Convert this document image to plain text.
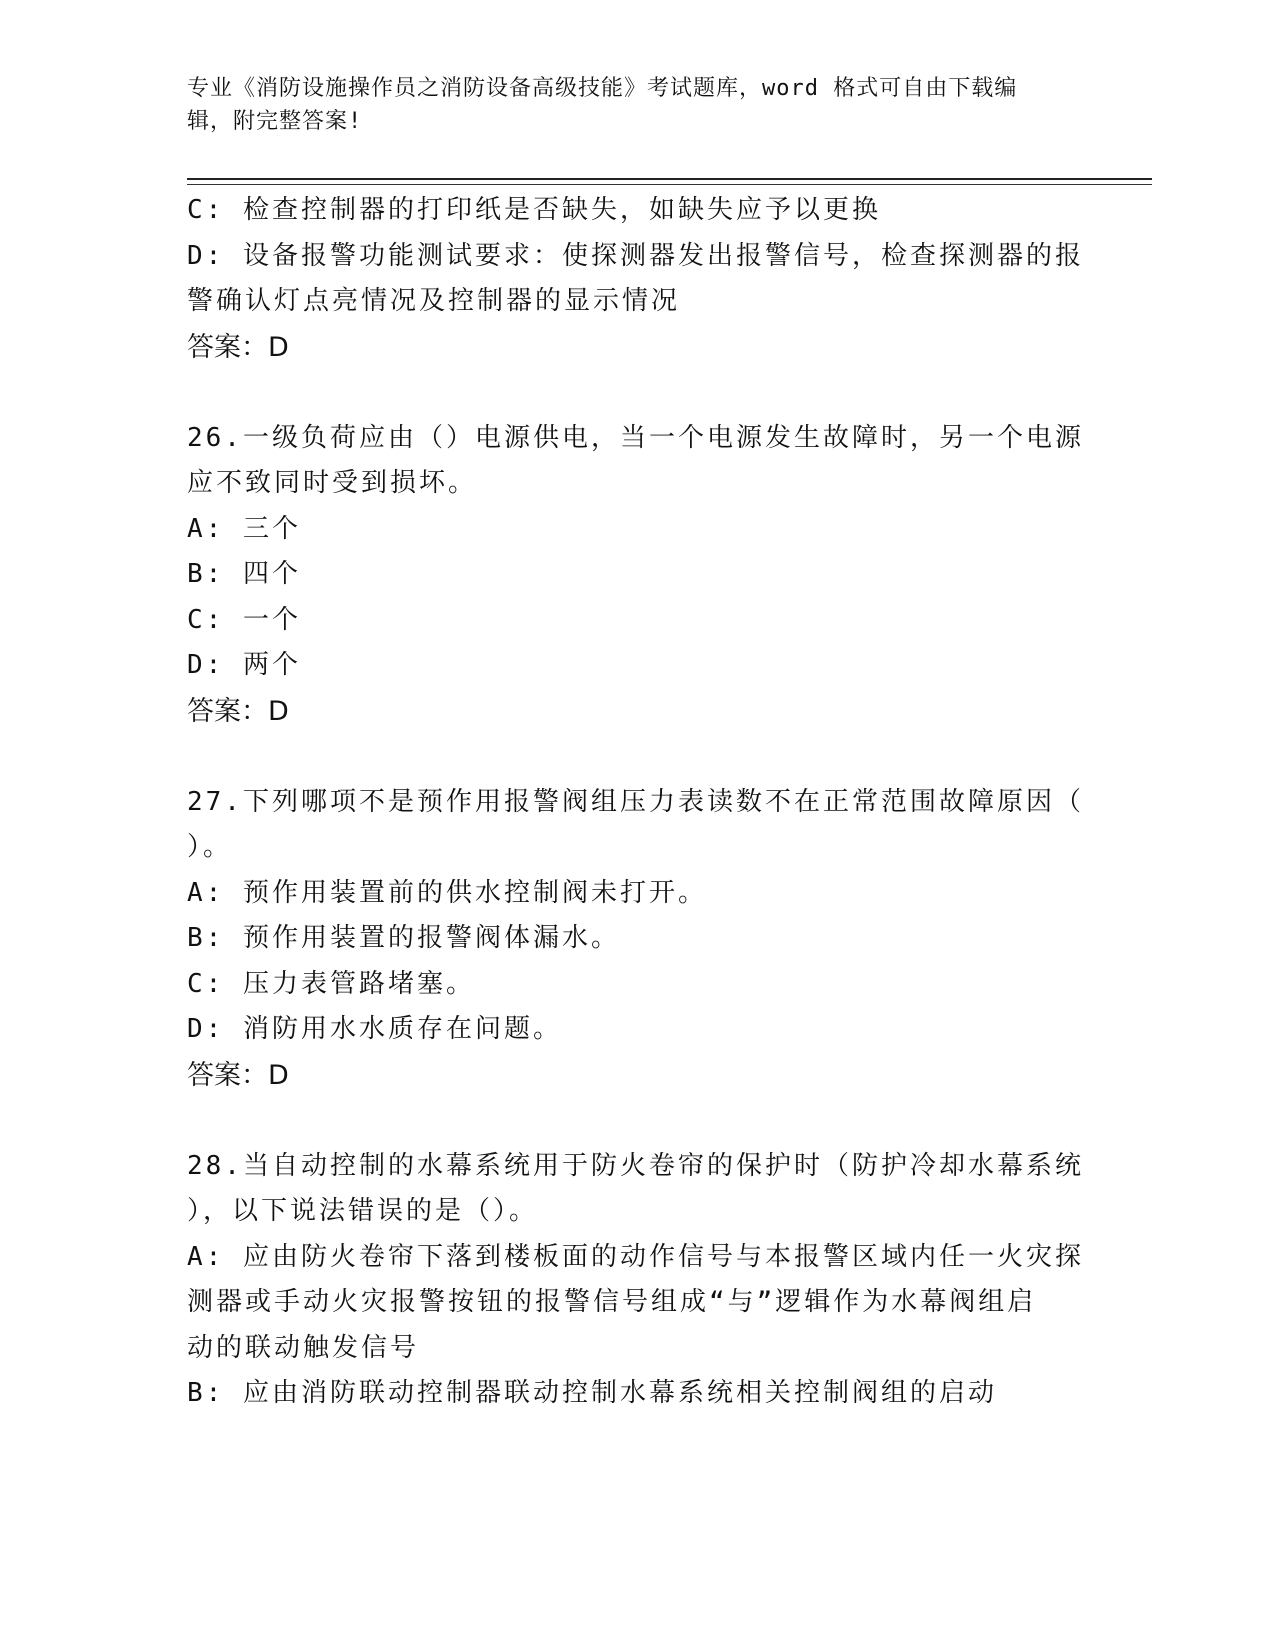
专业《消防设施操作员之消防设备高级技能》考试题库，word 格式可自由下载编
辑，附完整答案!
C: 检查控制器的打印纸是否缺失，如缺失应予以更换
D: 设备报警功能测试要求：使探测器发出报警信号，检查探测器的报
警确认灯点亮情况及控制器的显示情况
答案：D
26.一级负荷应由（）电源供电，当一个电源发生故障时，另一个电源
应不致同时受到损坏。
A: 三个
B: 四个
C: 一个
D: 两个
答案：D
27.下列哪项不是预作用报警阀组压力表读数不在正常范围故障原因（
）。
A: 预作用装置前的供水控制阀未打开。
B: 预作用装置的报警阀体漏水。
C: 压力表管路堵塞。
D: 消防用水水质存在问题。
答案：D
28.当自动控制的水幕系统用于防火卷帘的保护时（防护冷却水幕系统
），以下说法错误的是（）。
A: 应由防火卷帘下落到楼板面的动作信号与本报警区域内任一火灾探
测器或手动火灾报警按钮的报警信号组成“与”逻辑作为水幕阀组启
动的联动触发信号
B: 应由消防联动控制器联动控制水幕系统相关控制阀组的启动
